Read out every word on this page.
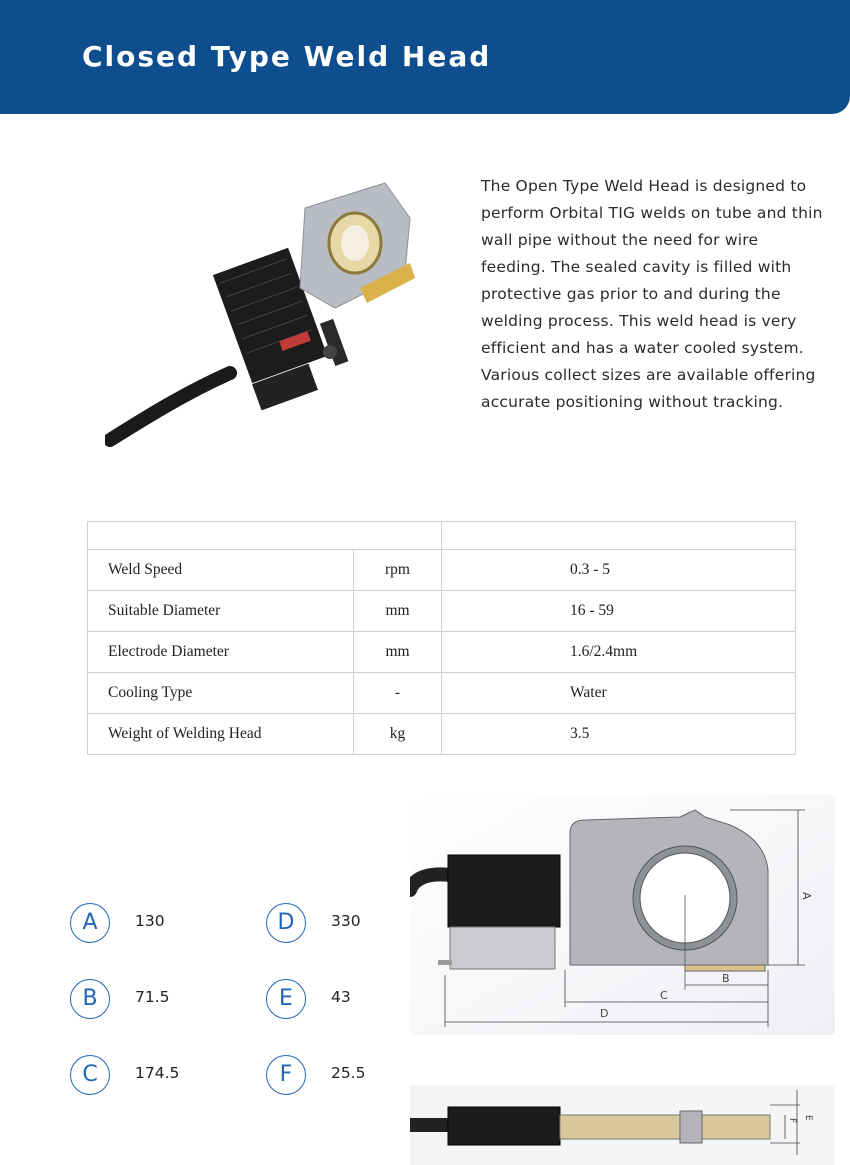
Closed Type Weld Head
The Open Type Weld Head is designed to perform Orbital TIG welds on tube and thin wall pipe without the need for wire feeding. The sealed cavity is filled with protective gas prior to and during the welding process. This weld head is very efficient and has a water cooled system. Various collect sizes are available offering accurate positioning without tracking.

Weld Speed	rpm	0.3 - 5
Suitable Diameter	mm	16 - 59
Electrode Diameter	mm	1.6/2.4mm
Cooling Type	-	Water
Weight of Welding Head	kg	3.5
A	130	D	330
B	71.5	E	43
C	174.5	F	25.5
A
B
C
D
F E
